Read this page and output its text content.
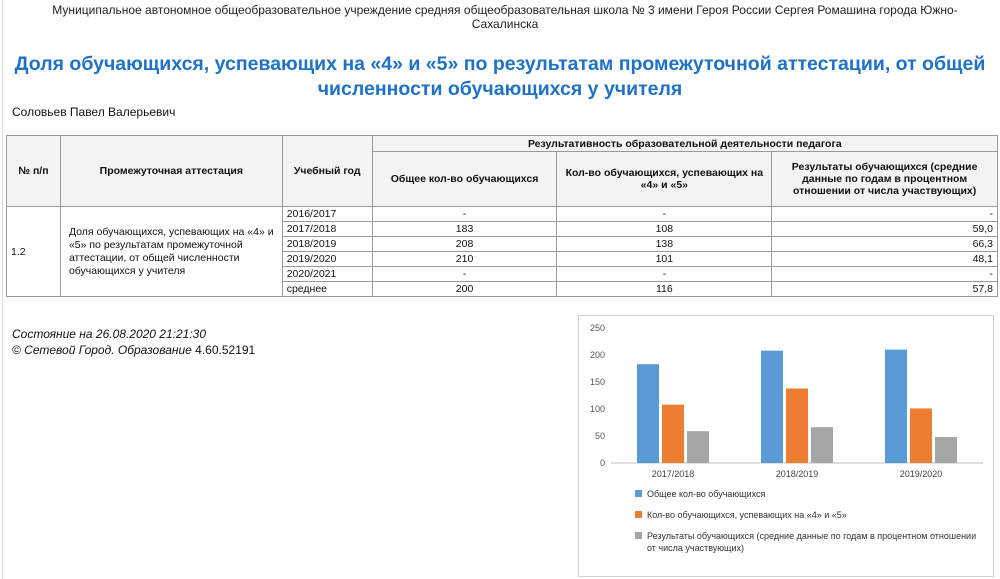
Муниципальное автономное общеобразовательное учреждение средняя общеобразовательная школа № 3 имени Героя России Сергея Ромашина города Южно-Сахалинска
Доля обучающихся, успевающих на «4» и «5» по результатам промежуточной аттестации, от общей численности обучающихся у учителя
Соловьев Павел Валерьевич
№ п/п	Промежуточная аттестация	Учебный год	Результативность образовательной деятельности педагога		
			Общее кол-во обучающихся	Кол-во обучающихся, успевающих на «4» и «5»	Результаты обучающихся (средние данные по годам в процентном отношении от числа участвующих)
1.2	Доля обучающихся, успевающих на «4» и «5» по результатам промежуточной аттестации, от общей численности обучающихся у учителя	2016/2017	-	-	-
		2017/2018	183	108	59,0
		2018/2019	208	138	66,3
		2019/2020	210	101	48,1
		2020/2021	-	-	-
		среднее	200	116	57,8
Состояние на 26.08.2020 21:21:30
© Сетевой Город. Образование 4.60.52191
0
50
100
150
200
250
2017/2018	2018/2019	2019/2020
Общее кол-во обучающихся
Кол-во обучающихся, успевающих на «4» и «5»
Результаты обучающихся (средние данные по годам в процентном отношении от числа участвующих)
